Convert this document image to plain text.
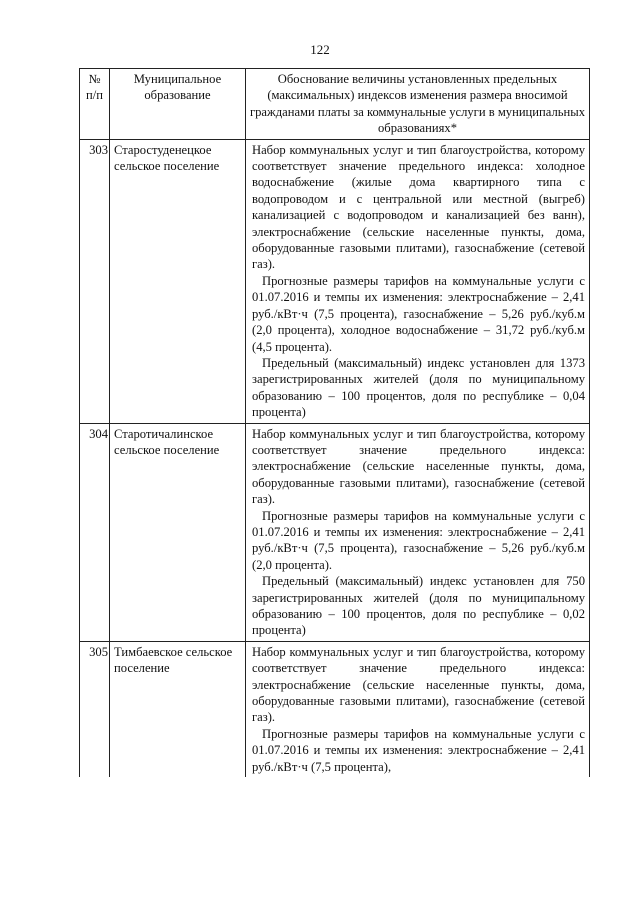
122
№ п/п	Муниципальное образование	Обоснование величины установленных предельных (максимальных) индексов изменения размера вносимой гражданами платы за коммунальные услуги в муниципальных образованиях*
303	Старостуденецкое сельское поселение	Набор коммунальных услуг и тип благоустройства, которому соответствует значение предельного индекса: холодное водоснабжение (жилые дома квартирного типа с водопроводом и с центральной или местной (выгреб) канализацией с водопроводом и канализацией без ванн), электроснабжение (сельские населенные пункты, дома, оборудованные газовыми плитами), газоснабжение (сетевой газ).

Прогнозные размеры тарифов на коммунальные услуги с 01.07.2016 и темпы их изменения: электроснабжение – 2,41 руб./кВт·ч (7,5 процента), газоснабжение – 5,26 руб./куб.м (2,0 процента), холодное водоснабжение – 31,72 руб./куб.м (4,5 процента).

Предельный (максимальный) индекс установлен для 1373 зарегистрированных жителей (доля по муниципальному образованию – 100 процентов, доля по республике – 0,04 процента)

304	Старотичалинское сельское поселение	Набор коммунальных услуг и тип благоустройства, которому соответствует значение предельного индекса: электроснабжение (сельские населенные пункты, дома, оборудованные газовыми плитами), газоснабжение (сетевой газ).

Прогнозные размеры тарифов на коммунальные услуги с 01.07.2016 и темпы их изменения: электроснабжение – 2,41 руб./кВт·ч (7,5 процента), газоснабжение – 5,26 руб./куб.м (2,0 процента).

Предельный (максимальный) индекс установлен для 750 зарегистрированных жителей (доля по муниципальному образованию – 100 процентов, доля по республике – 0,02 процента)

305	Тимбаевское сельское поселение	Набор коммунальных услуг и тип благоустройства, которому соответствует значение предельного индекса: электроснабжение (сельские населенные пункты, дома, оборудованные газовыми плитами), газоснабжение (сетевой газ).

Прогнозные размеры тарифов на коммунальные услуги с 01.07.2016 и темпы их изменения: электроснабжение – 2,41 руб./кВт·ч (7,5 процента),
